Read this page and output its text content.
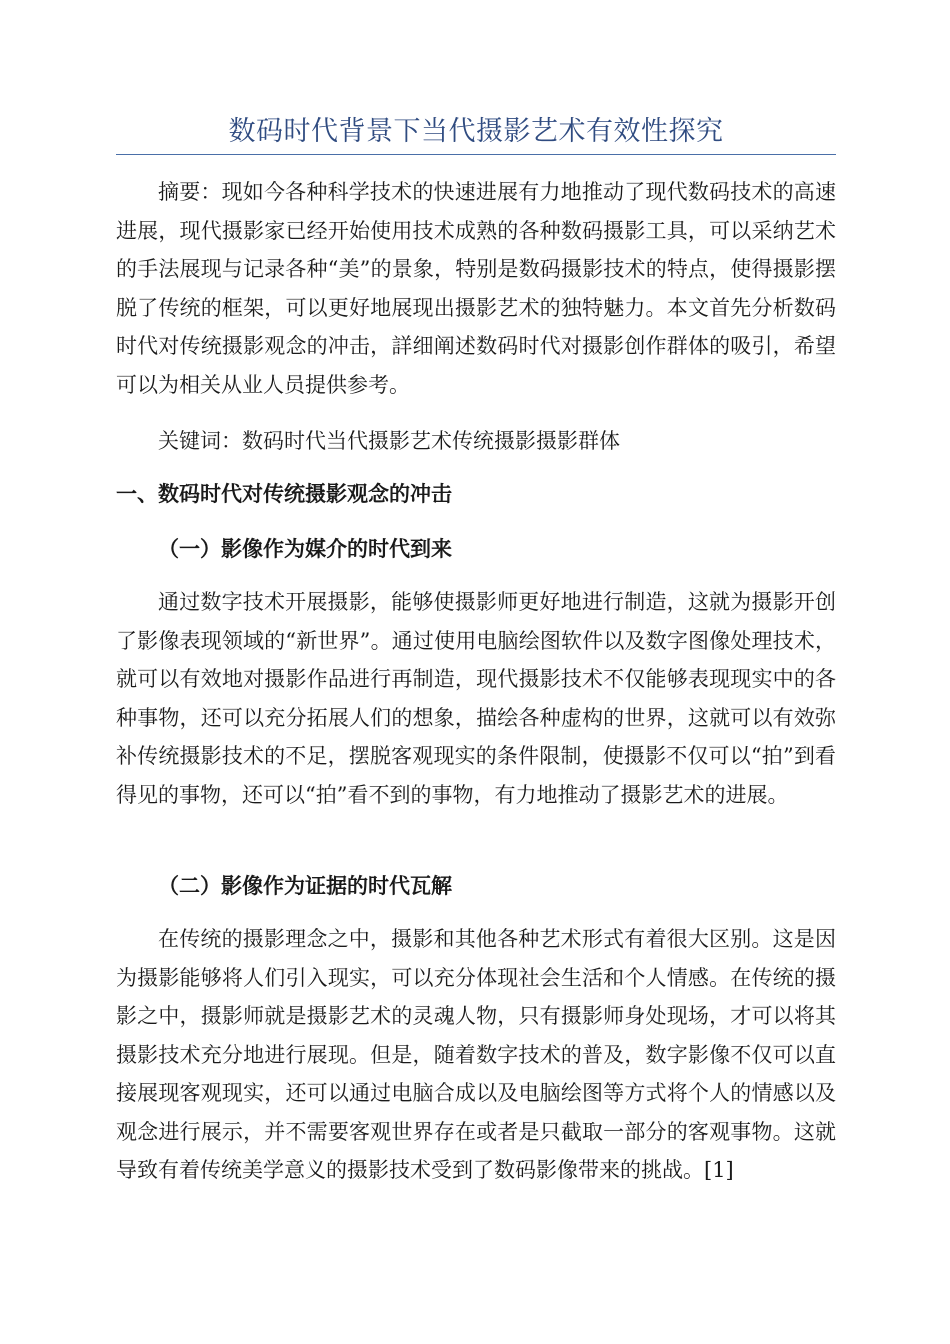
数码时代背景下当代摄影艺术有效性探究

摘要：现如今各种科学技术的快速进展有力地推动了现代数码技术的高速进展，现代摄影家已经开始使用技术成熟的各种数码摄影工具，可以采纳艺术的手法展现与记录各种“美”的景象，特别是数码摄影技术的特点，使得摄影摆脱了传统的框架，可以更好地展现出摄影艺术的独特魅力。本文首先分析数码时代对传统摄影观念的冲击，詳细阐述数码时代对摄影创作群体的吸引，希望可以为相关从业人员提供参考。

关键词：数码时代当代摄影艺术传统摄影摄影群体

一、数码时代对传统摄影观念的冲击
（一）影像作为媒介的时代到来

通过数字技术开展摄影，能够使摄影师更好地进行制造，这就为摄影开创了影像表现领域的“新世界”。通过使用电脑绘图软件以及数字图像处理技术，就可以有效地对摄影作品进行再制造，现代摄影技术不仅能够表现现实中的各种事物，还可以充分拓展人们的想象，描绘各种虚构的世界，这就可以有效弥补传统摄影技术的不足，摆脱客观现实的条件限制，使摄影不仅可以“拍”到看得见的事物，还可以“拍”看不到的事物，有力地推动了摄影艺术的进展。

（二）影像作为证据的时代瓦解

在传统的摄影理念之中，摄影和其他各种艺术形式有着很大区别。这是因为摄影能够将人们引入现实，可以充分体现社会生活和个人情感。在传统的摄影之中，摄影师就是摄影艺术的灵魂人物，只有摄影师身处现场，才可以将其摄影技术充分地进行展现。但是，随着数字技术的普及，数字影像不仅可以直接展现客观现实，还可以通过电脑合成以及电脑绘图等方式将个人的情感以及观念进行展示，并不需要客观世界存在或者是只截取一部分的客观事物。这就导致有着传统美学意义的摄影技术受到了数码影像带来的挑战。[1]
